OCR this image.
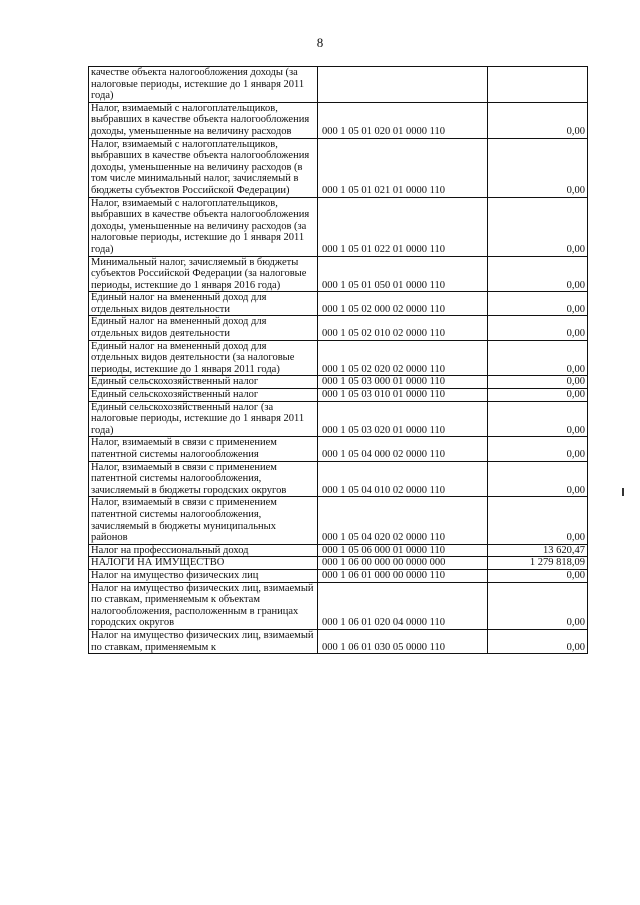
8
качестве объекта налогообложения доходы (за налоговые периоды, истекшие до 1 января 2011 года)		
Налог, взимаемый с налогоплательщиков, выбравших в качестве объекта налогообложения доходы, уменьшенные на величину расходов	000 1 05 01 020 01 0000 110	0,00
Налог, взимаемый с налогоплательщиков, выбравших в качестве объекта налогообложения доходы, уменьшенные на величину расходов (в том числе минимальный налог, зачисляемый в бюджеты субъектов Российской Федерации)	000 1 05 01 021 01 0000 110	0,00
Налог, взимаемый с налогоплательщиков, выбравших в качестве объекта налогообложения доходы, уменьшенные на величину расходов (за налоговые периоды, истекшие до 1 января 2011 года)	000 1 05 01 022 01 0000 110	0,00
Минимальный налог, зачисляемый в бюджеты субъектов Российской Федерации (за налоговые периоды, истекшие до 1 января 2016 года)	000 1 05 01 050 01 0000 110	0,00
Единый налог на вмененный доход для отдельных видов деятельности	000 1 05 02 000 02 0000 110	0,00
Единый налог на вмененный доход для отдельных видов деятельности	000 1 05 02 010 02 0000 110	0,00
Единый налог на вмененный доход для отдельных видов деятельности (за налоговые периоды, истекшие до 1 января 2011 года)	000 1 05 02 020 02 0000 110	0,00
Единый сельскохозяйственный налог	000 1 05 03 000 01 0000 110	0,00
Единый сельскохозяйственный налог	000 1 05 03 010 01 0000 110	0,00
Единый сельскохозяйственный налог (за налоговые периоды, истекшие до 1 января 2011 года)	000 1 05 03 020 01 0000 110	0,00
Налог, взимаемый в связи с применением патентной системы налогообложения	000 1 05 04 000 02 0000 110	0,00
Налог, взимаемый в связи с применением патентной системы налогообложения, зачисляемый в бюджеты городских округов	000 1 05 04 010 02 0000 110	0,00
Налог, взимаемый в связи с применением патентной системы налогообложения, зачисляемый в бюджеты муниципальных районов	000 1 05 04 020 02 0000 110	0,00
Налог на профессиональный доход	000 1 05 06 000 01 0000 110	13 620,47
НАЛОГИ НА ИМУЩЕСТВО	000 1 06 00 000 00 0000 000	1 279 818,09
Налог на имущество физических лиц	000 1 06 01 000 00 0000 110	0,00
Налог на имущество физических лиц, взимаемый по ставкам, применяемым к объектам налогообложения, расположенным в границах городских округов	000 1 06 01 020 04 0000 110	0,00
Налог на имущество физических лиц, взимаемый по ставкам, применяемым к	000 1 06 01 030 05 0000 110	0,00
